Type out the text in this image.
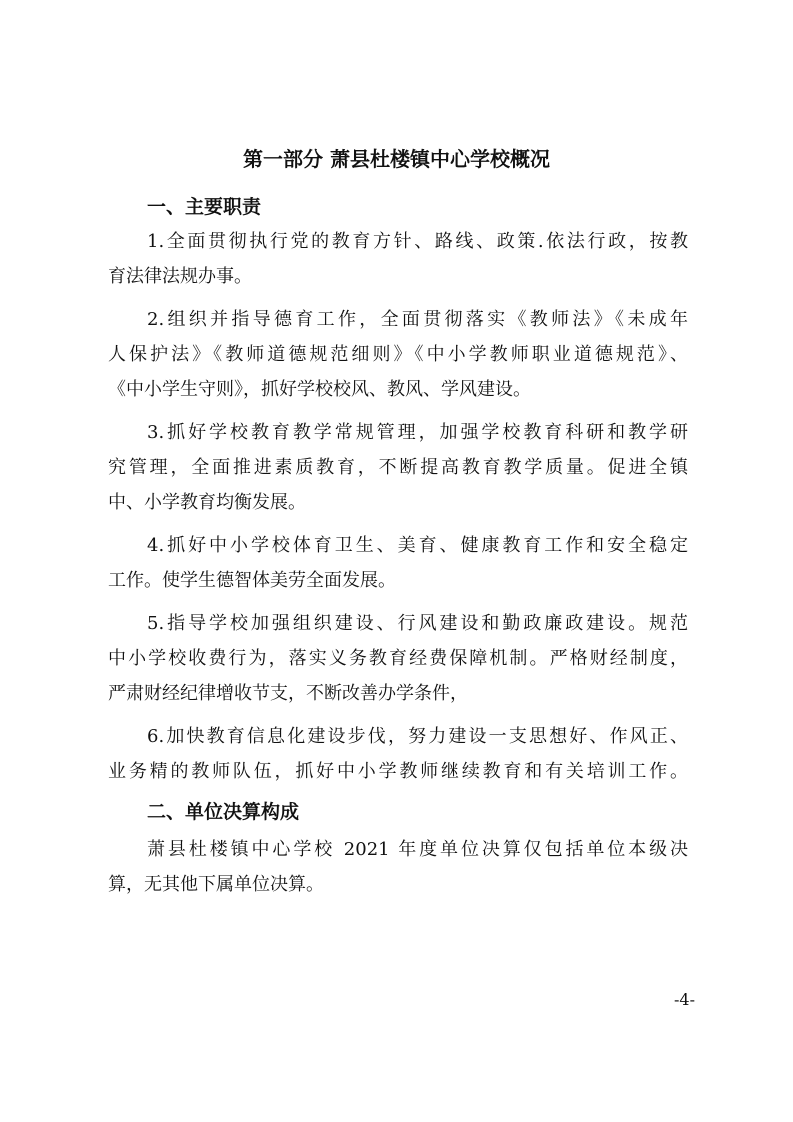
第一部分 萧县杜楼镇中心学校概况
一、主要职责

1.全面贯彻执行党的教育方针、路线、政策.依法行政，按教

育法律法规办事。

2.组织并指导德育工作，全面贯彻落实《教师法》《未成年

人保护法》《教师道德规范细则》《中小学教师职业道德规范》、

《中小学生守则》，抓好学校校风、教风、学风建设。

3.抓好学校教育教学常规管理，加强学校教育科研和教学研

究管理，全面推进素质教育，不断提高教育教学质量。促进全镇

中、小学教育均衡发展。

4.抓好中小学校体育卫生、美育、健康教育工作和安全稳定

工作。使学生德智体美劳全面发展。

5.指导学校加强组织建设、行风建设和勤政廉政建设。规范

中小学校收费行为，落实义务教育经费保障机制。严格财经制度，

严肃财经纪律增收节支，不断改善办学条件，

6.加快教育信息化建设步伐，努力建设一支思想好、作风正、

业务精的教师队伍，抓好中小学教师继续教育和有关培训工作。

二、单位决算构成

萧县杜楼镇中心学校 2021 年度单位决算仅包括单位本级决

算，无其他下属单位决算。

-4-
